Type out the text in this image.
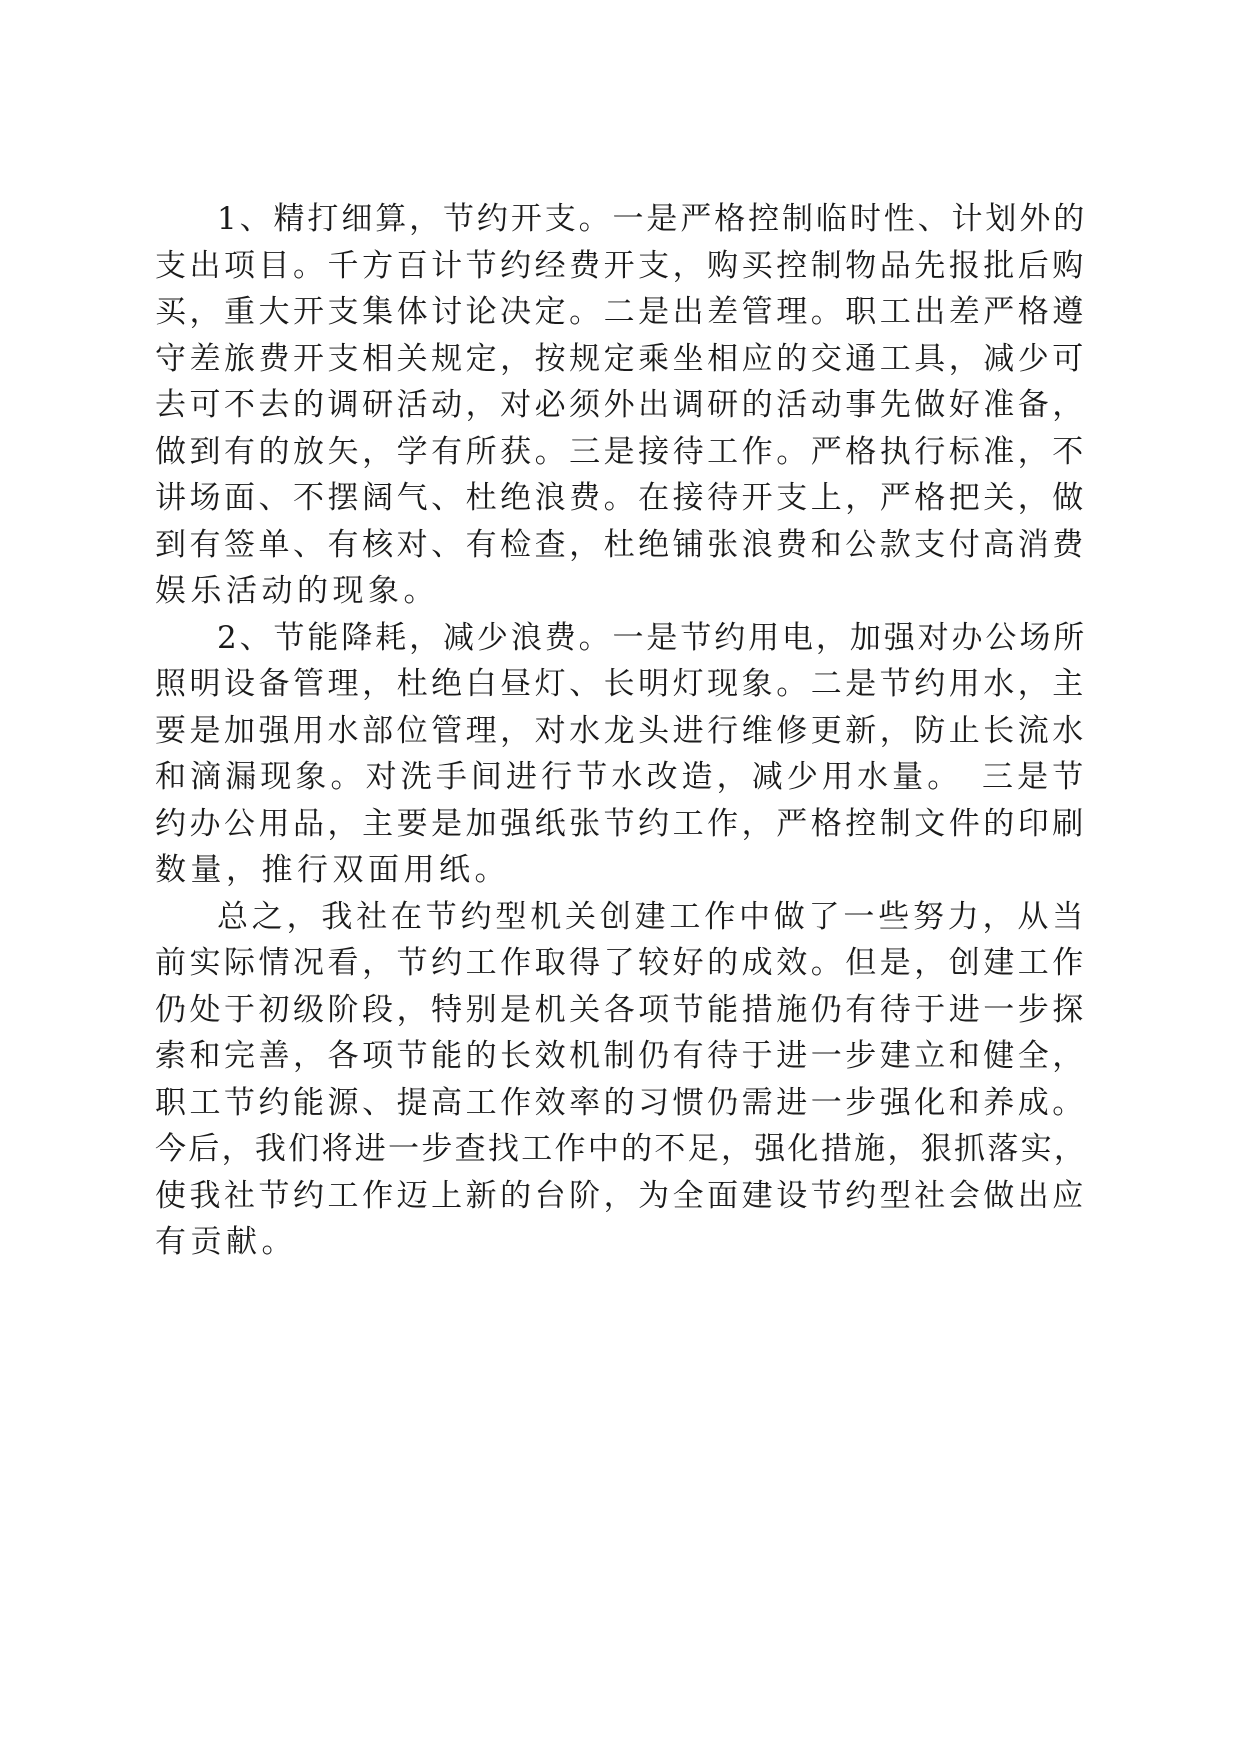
1、精打细算，节约开支。一是严格控制临时性、计划外的
支出项目。千方百计节约经费开支，购买控制物品先报批后购
买，重大开支集体讨论决定。二是出差管理。职工出差严格遵
守差旅费开支相关规定，按规定乘坐相应的交通工具，减少可
去可不去的调研活动，对必须外出调研的活动事先做好准备，
做到有的放矢，学有所获。三是接待工作。严格执行标准，不
讲场面、不摆阔气、杜绝浪费。在接待开支上，严格把关，做
到有签单、有核对、有检查，杜绝铺张浪费和公款支付高消费
娱乐活动的现象。
2、节能降耗，减少浪费。一是节约用电，加强对办公场所
照明设备管理，杜绝白昼灯、长明灯现象。二是节约用水，主
要是加强用水部位管理，对水龙头进行维修更新，防止长流水
和滴漏现象。对洗手间进行节水改造，减少用水量。　三是节
约办公用品，主要是加强纸张节约工作，严格控制文件的印刷
数量，推行双面用纸。
总之，我社在节约型机关创建工作中做了一些努力，从当
前实际情况看，节约工作取得了较好的成效。但是，创建工作
仍处于初级阶段，特别是机关各项节能措施仍有待于进一步探
索和完善，各项节能的长效机制仍有待于进一步建立和健全，
职工节约能源、提高工作效率的习惯仍需进一步强化和养成。
今后，我们将进一步查找工作中的不足，强化措施，狠抓落实，
使我社节约工作迈上新的台阶，为全面建设节约型社会做出应
有贡献。
